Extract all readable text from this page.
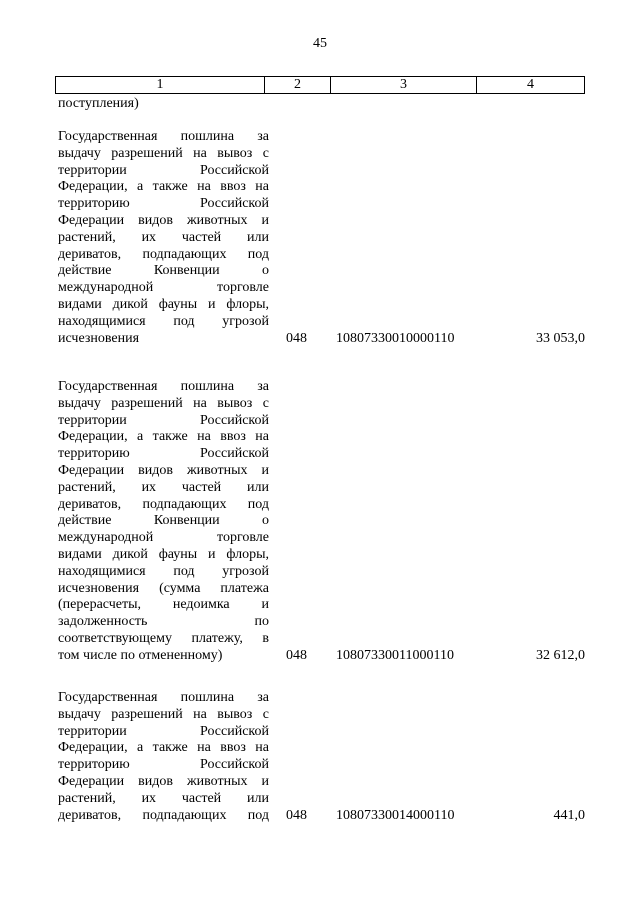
45
1	2	3	4
поступления)
Государственная пошлина за
выдачу разрешений на вывоз с
территории	Российской
Федерации, а также на ввоз на
территорию	Российской
Федерации видов животных и
растений, их частей или
дериватов, подпадающих под
действие	Конвенции	о
международной	торговле
видами дикой фауны и флоры,
находящимися под угрозой
исчезновения	048	10807330010000110	33 053,0
Государственная пошлина за
выдачу разрешений на вывоз с
территории	Российской
Федерации, а также на ввоз на
территорию	Российской
Федерации видов животных и
растений, их частей или
дериватов, подпадающих под
действие	Конвенции	о
международной	торговле
видами дикой фауны и флоры,
находящимися под угрозой
исчезновения (сумма платежа
(перерасчеты, недоимка и
задолженность	по
соответствующему платежу, в
том числе по отмененному)	048	10807330011000110	32 612,0
Государственная пошлина за
выдачу разрешений на вывоз с
территории	Российской
Федерации, а также на ввоз на
территорию	Российской
Федерации видов животных и
растений, их частей или
дериватов, подпадающих под 048	10807330014000110	441,0
